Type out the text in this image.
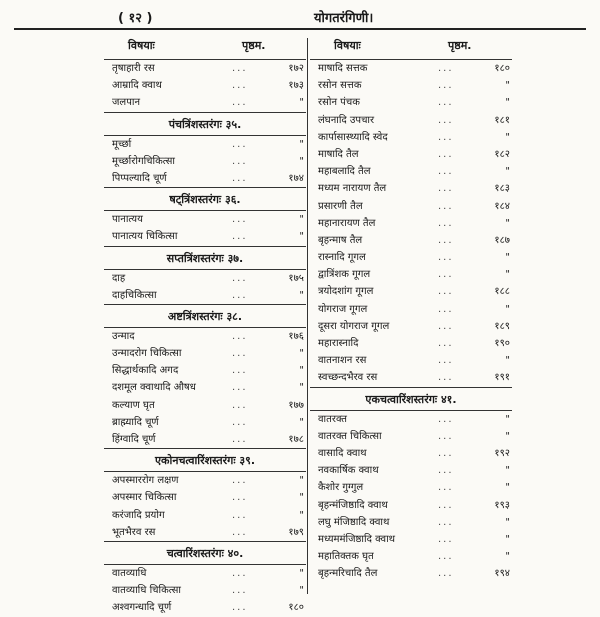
( १२ )	योगतरंगिणी।
विषयाः	पृष्ठम.
तृषाहारी रस	...	१७२
आम्रादि क्वाथ	...	१७३
जलपान	...	"
पंचत्रिंशस्तरंगः ३५.
मूर्च्छा	...	"
मूर्च्छारोगचिकित्सा	...	"
पिप्पल्यादि चूर्ण	...	१७४
षट्त्रिंशस्तरंगः ३६.
पानात्यय	...	"
पानात्यय चिकित्सा	...	"
सप्तत्रिंशस्तरंगः ३७.
दाह	...	१७५
दाहचिकित्सा	...	"
अष्टत्रिंशस्तरंगः ३८.
उन्माद	...	१७६
उन्मादरोग चिकित्सा	...	"
सिद्धार्थकादि अगद	...	"
दशमूल क्वाथादि औषध	...	"
कल्याण घृत	...	१७७
ब्राह्म्यादि चूर्ण	...	"
हिंग्वादि चूर्ण	...	१७८
एकोनचत्वारिंशस्तरंगः ३९.
अपस्माररोग लक्षण	...	"
अपस्मार चिकित्सा	...	"
करंजादि प्रयोग	...	"
भूतभैरव रस	...	१७९
चत्वारिंशस्तरंगः ४०.
वातव्याधि	...	"
वातव्याधि चिकित्सा	...	"
अश्वगन्धादि चूर्ण	...	१८०
विषयाः	पृष्ठम.
माषादि सत्तक	...	१८०
रसोन सत्तक	...	"
रसोन पंचक	...	"
लंघनादि उपचार	...	१८१
कार्पासास्थ्यादि स्वेद	...	"
माषादि तैल	...	१८२
महाबलादि तैल	...	"
मध्यम नारायण तैल	...	१८३
प्रसारणी तैल	...	१८४
महानारायण तैल	...	"
बृहन्माष तैल	...	१८७
रास्नादि गूगल	...	"
द्वात्रिंशक गूगल	...	"
त्रयोदशांग गूगल	...	१८८
योगराज गूगल	...	"
दूसरा योगराज गूगल	...	१८९
महारास्नादि	...	१९०
वातनाशन रस	...	"
स्वच्छन्दभैरव रस	...	१९१
एकचत्वारिंशस्तरंगः ४१.
वातरक्त	...	"
वातरक्त चिकित्सा	...	"
वासादि क्वाथ	...	१९२
नवकार्षिक क्वाथ	...	"
कैशोर गुग्गुल	...	"
बृहन्मंजिष्ठादि क्वाथ	...	१९३
लघु मंजिष्ठादि क्वाथ	...	"
मध्यममंजिष्ठादि क्वाथ	...	"
महातिक्तक घृत	...	"
बृहन्मरिचादि तैल	...	१९४
